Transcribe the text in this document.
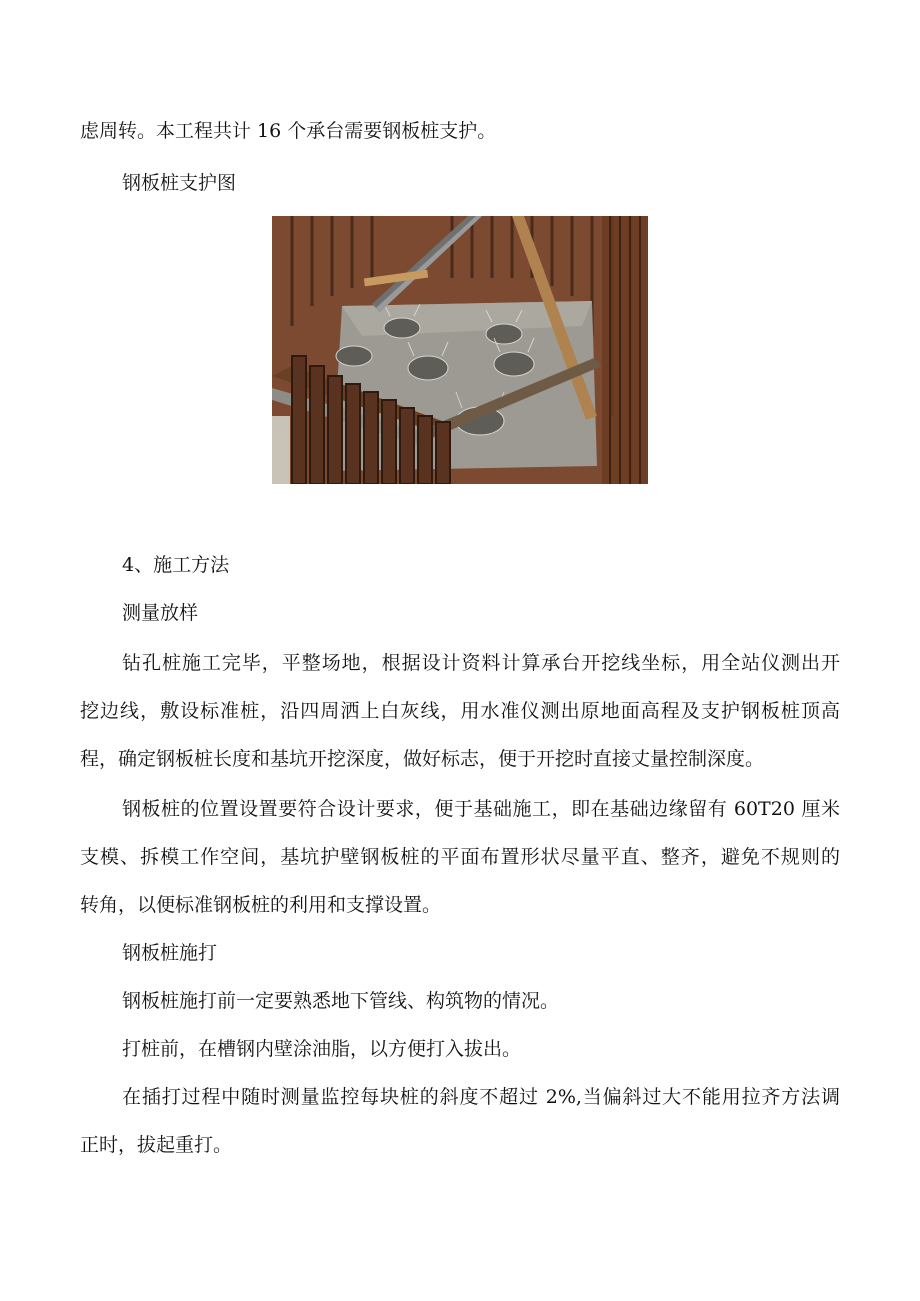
虑周转。本工程共计 16 个承台需要钢板桩支护。
钢板桩支护图
4、施工方法
测量放样
钻孔桩施工完毕，平整场地，根据设计资料计算承台开挖线坐标，用全站仪测出开
挖边线，敷设标准桩，沿四周洒上白灰线，用水准仪测出原地面高程及支护钢板桩顶高
程，确定钢板桩长度和基坑开挖深度，做好标志，便于开挖时直接丈量控制深度。
钢板桩的位置设置要符合设计要求，便于基础施工，即在基础边缘留有 60T20 厘米
支模、拆模工作空间，基坑护壁钢板桩的平面布置形状尽量平直、整齐，避免不规则的
转角，以便标准钢板桩的利用和支撑设置。
钢板桩施打
钢板桩施打前一定要熟悉地下管线、构筑物的情况。
打桩前，在槽钢内壁涂油脂，以方便打入拔出。
在插打过程中随时测量监控每块桩的斜度不超过 2%,当偏斜过大不能用拉齐方法调
正时，拔起重打。
